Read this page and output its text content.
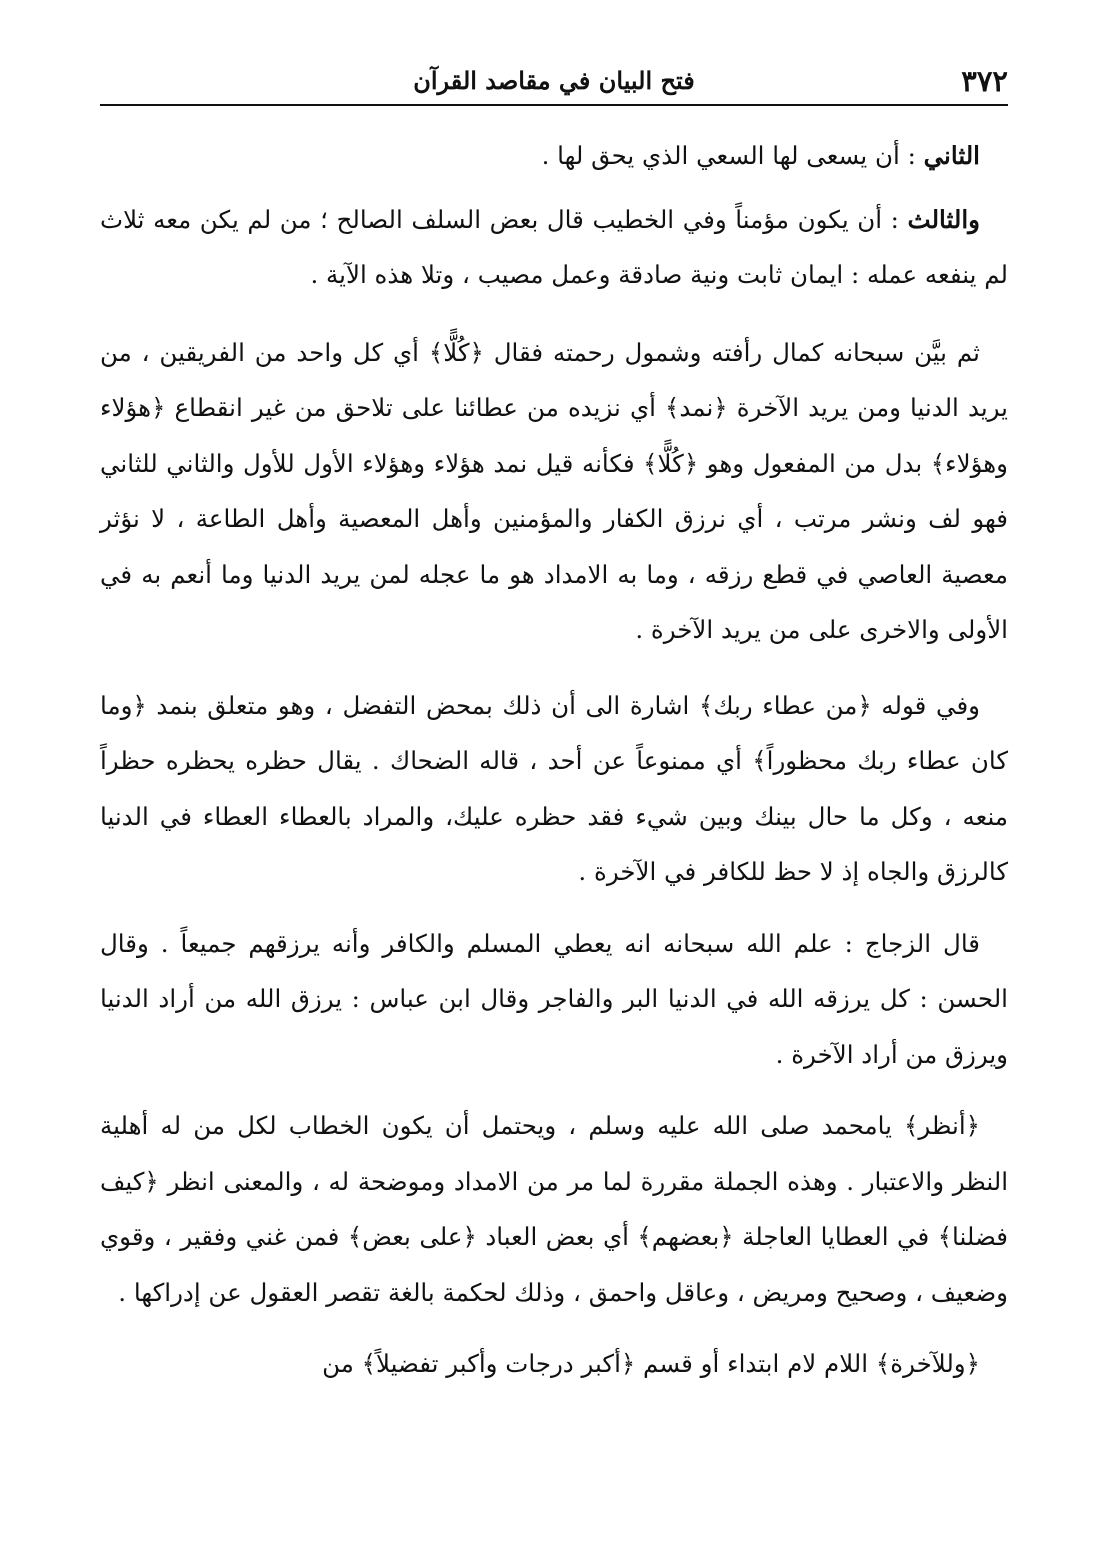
٣٧٢
فتح البيان في مقاصد القرآن

الثاني : أن يسعى لها السعي الذي يحق لها .

والثالث : أن يكون مؤمناً وفي الخطيب قال بعض السلف الصالح ؛ من لم يكن معه ثلاث لم ينفعه عمله : ايمان ثابت ونية صادقة وعمل مصيب ، وتلا هذه الآية .

ثم بيَّن سبحانه كمال رأفته وشمول رحمته فقال ﴿كُلًّا﴾ أي كل واحد من الفريقين ، من يريد الدنيا ومن يريد الآخرة ﴿نمد﴾ أي نزيده من عطائنا على تلاحق من غير انقطاع ﴿هؤلاء وهؤلاء﴾ بدل من المفعول وهو ﴿كُلًّا﴾ فكأنه قيل نمد هؤلاء وهؤلاء الأول للأول والثاني للثاني فهو لف ونشر مرتب ، أي نرزق الكفار والمؤمنين وأهل المعصية وأهل الطاعة ، لا نؤثر معصية العاصي في قطع رزقه ، وما به الامداد هو ما عجله لمن يريد الدنيا وما أنعم به في الأولى والاخرى على من يريد الآخرة .

وفي قوله ﴿من عطاء ربك﴾ اشارة الى أن ذلك بمحض التفضل ، وهو متعلق بنمد ﴿وما كان عطاء ربك محظوراً﴾ أي ممنوعاً عن أحد ، قاله الضحاك . يقال حظره يحظره حظراً منعه ، وكل ما حال بينك وبين شيء فقد حظره عليك، والمراد بالعطاء العطاء في الدنيا كالرزق والجاه إذ لا حظ للكافر في الآخرة .

قال الزجاج : علم الله سبحانه انه يعطي المسلم والكافر وأنه يرزقهم جميعاً . وقال الحسن : كل يرزقه الله في الدنيا البر والفاجر وقال ابن عباس : يرزق الله من أراد الدنيا ويرزق من أراد الآخرة .

﴿أنظر﴾ يامحمد صلى الله عليه وسلم ، ويحتمل أن يكون الخطاب لكل من له أهلية النظر والاعتبار . وهذه الجملة مقررة لما مر من الامداد وموضحة له ، والمعنى انظر ﴿كيف فضلنا﴾ في العطايا العاجلة ﴿بعضهم﴾ أي بعض العباد ﴿على بعض﴾ فمن غني وفقير ، وقوي وضعيف ، وصحيح ومريض ، وعاقل واحمق ، وذلك لحكمة بالغة تقصر العقول عن إدراكها .

﴿وللآخرة﴾ اللام لام ابتداء أو قسم ﴿أكبر درجات وأكبر تفضيلاً﴾ من
